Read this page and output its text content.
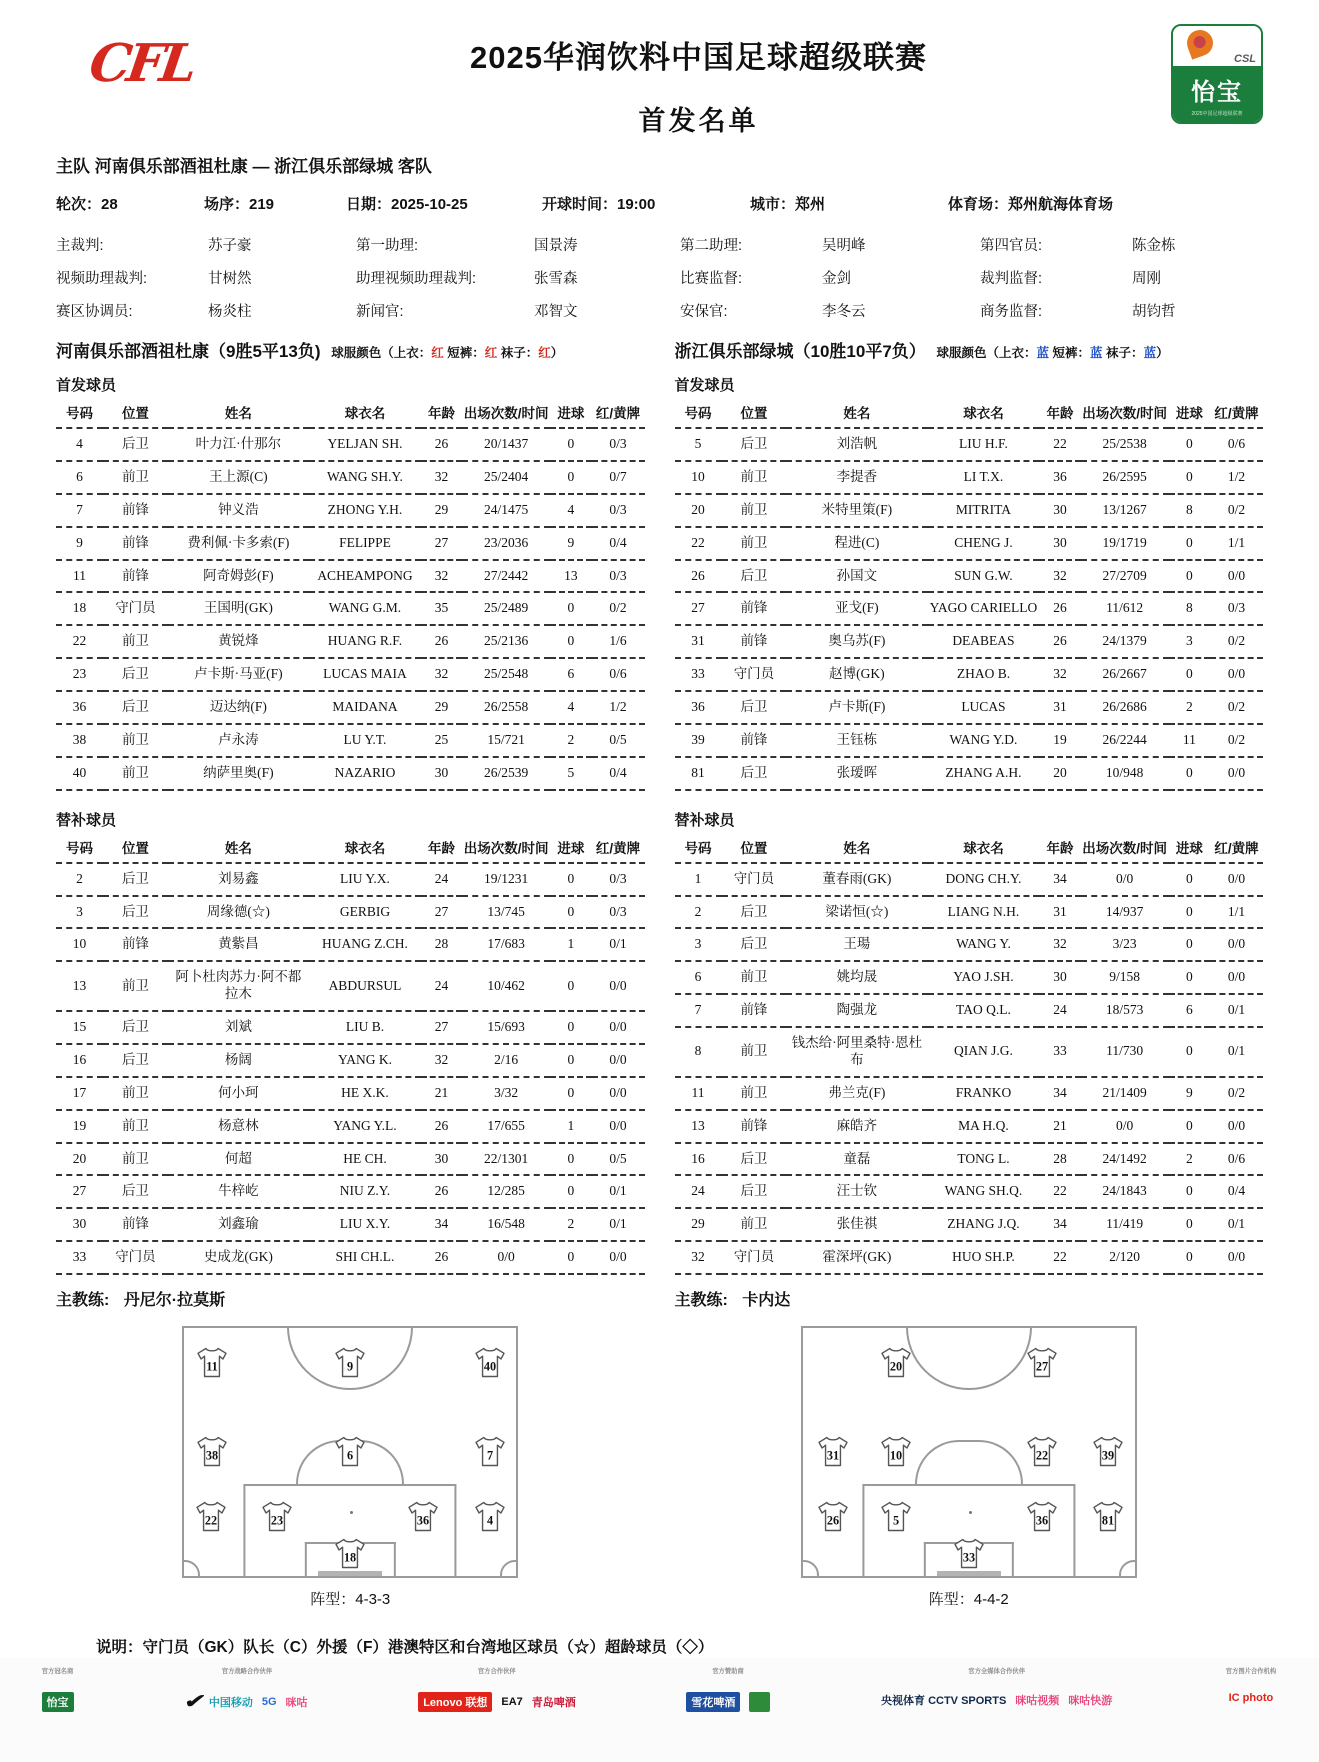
CFL	2025华润饮料中国足球超级联赛
首发名单
CSL
怡宝
2025中国足球超级联赛
主队 河南俱乐部酒祖杜康 — 浙江俱乐部绿城 客队
轮次：28	场序：219	日期：2025-10-25	开球时间：19:00	城市：郑州	体育场：郑州航海体育场
主裁判:	苏子豪	第一助理:	国景涛	第二助理:	吴明峰	第四官员:	陈金栋
视频助理裁判:	甘树然	助理视频助理裁判:	张雪森	比赛监督:	金剑	裁判监督:	周刚
赛区协调员:	杨炎柱	新闻官:	邓智文	安保官:	李冬云	商务监督:	胡钧哲
河南俱乐部酒祖杜康（9胜5平13负) 球服颜色（上衣：红 短裤：红 袜子：红）
首发球员
号码	位置	姓名	球衣名	年龄	出场次数/时间	进球	红/黄牌
4	后卫	叶力江·什那尔	YELJAN SH.	26	20/1437	0	0/3
6	前卫	王上源(C)	WANG SH.Y.	32	25/2404	0	0/7
7	前锋	钟义浩	ZHONG Y.H.	29	24/1475	4	0/3
9	前锋	费利佩·卡多索(F)	FELIPPE	27	23/2036	9	0/4
11	前锋	阿奇姆彭(F)	ACHEAMPONG	32	27/2442	13	0/3
18	守门员	王国明(GK)	WANG G.M.	35	25/2489	0	0/2
22	前卫	黄锐烽	HUANG R.F.	26	25/2136	0	1/6
23	后卫	卢卡斯·马亚(F)	LUCAS MAIA	32	25/2548	6	0/6
36	后卫	迈达纳(F)	MAIDANA	29	26/2558	4	1/2
38	前卫	卢永涛	LU Y.T.	25	15/721	2	0/5
40	前卫	纳萨里奥(F)	NAZARIO	30	26/2539	5	0/4
替补球员
号码	位置	姓名	球衣名	年龄	出场次数/时间	进球	红/黄牌
2	后卫	刘易鑫	LIU Y.X.	24	19/1231	0	0/3
3	后卫	周缘德(☆)	GERBIG	27	13/745	0	0/3
10	前锋	黄紫昌	HUANG Z.CH.	28	17/683	1	0/1
13	前卫	阿卜杜肉苏力·阿不都拉木	ABDURSUL	24	10/462	0	0/0
15	后卫	刘斌	LIU B.	27	15/693	0	0/0
16	后卫	杨阔	YANG K.	32	2/16	0	0/0
17	前卫	何小珂	HE X.K.	21	3/32	0	0/0
19	前卫	杨意林	YANG Y.L.	26	17/655	1	0/0
20	前卫	何超	HE CH.	30	22/1301	0	0/5
27	后卫	牛梓屹	NIU Z.Y.	26	12/285	0	0/1
30	前锋	刘鑫瑜	LIU X.Y.	34	16/548	2	0/1
33	守门员	史成龙(GK)	SHI CH.L.	26	0/0	0	0/0
主教练: 丹尼尔·拉莫斯
11	9	40
38	6	7
22	23	36	4
18
阵型：4-3-3
浙江俱乐部绿城（10胜10平7负） 球服颜色（上衣：蓝 短裤：蓝 袜子：蓝）
首发球员
号码	位置	姓名	球衣名	年龄	出场次数/时间	进球	红/黄牌
5	后卫	刘浩帆	LIU H.F.	22	25/2538	0	0/6
10	前卫	李提香	LI T.X.	36	26/2595	0	1/2
20	前卫	米特里策(F)	MITRITA	30	13/1267	8	0/2
22	前卫	程进(C)	CHENG J.	30	19/1719	0	1/1
26	后卫	孙国文	SUN G.W.	32	27/2709	0	0/0
27	前锋	亚戈(F)	YAGO CARIELLO	26	11/612	8	0/3
31	前锋	奥乌苏(F)	DEABEAS	26	24/1379	3	0/2
33	守门员	赵博(GK)	ZHAO B.	32	26/2667	0	0/0
36	后卫	卢卡斯(F)	LUCAS	31	26/2686	2	0/2
39	前锋	王钰栋	WANG Y.D.	19	26/2244	11	0/2
81	后卫	张瑷晖	ZHANG A.H.	20	10/948	0	0/0
替补球员
号码	位置	姓名	球衣名	年龄	出场次数/时间	进球	红/黄牌
1	守门员	董春雨(GK)	DONG CH.Y.	34	0/0	0	0/0
2	后卫	梁诺恒(☆)	LIANG N.H.	31	14/937	0	1/1
3	后卫	王瑒	WANG Y.	32	3/23	0	0/0
6	前卫	姚均晟	YAO J.SH.	30	9/158	0	0/0
7	前锋	陶强龙	TAO Q.L.	24	18/573	6	0/1
8	前卫	钱杰给·阿里桑特·恩杜布	QIAN J.G.	33	11/730	0	0/1
11	前卫	弗兰克(F)	FRANKO	34	21/1409	9	0/2
13	前锋	麻皓齐	MA H.Q.	21	0/0	0	0/0
16	后卫	童磊	TONG L.	28	24/1492	2	0/6
24	后卫	汪士钦	WANG SH.Q.	22	24/1843	0	0/4
29	前卫	张佳祺	ZHANG J.Q.	34	11/419	0	0/1
32	守门员	霍深坪(GK)	HUO SH.P.	22	2/120	0	0/0
主教练: 卡内达
20	27
31	10	22	39
26	5	36	81
33
阵型：4-4-2
说明：守门员（GK）队长（C）外援（F）港澳特区和台湾地区球员（☆）超龄球员（◇）
官方冠名商
怡宝
官方战略合作伙伴
✔ 中国移动 5G 咪咕
官方合作伙伴
Lenovo 联想	EA7 青岛啤酒
官方赞助商
雪花啤酒

官方全媒体合作伙伴
央视体育 CCTV SPORTS 咪咕视频 咪咕快游
官方图片合作机构
IC photo
